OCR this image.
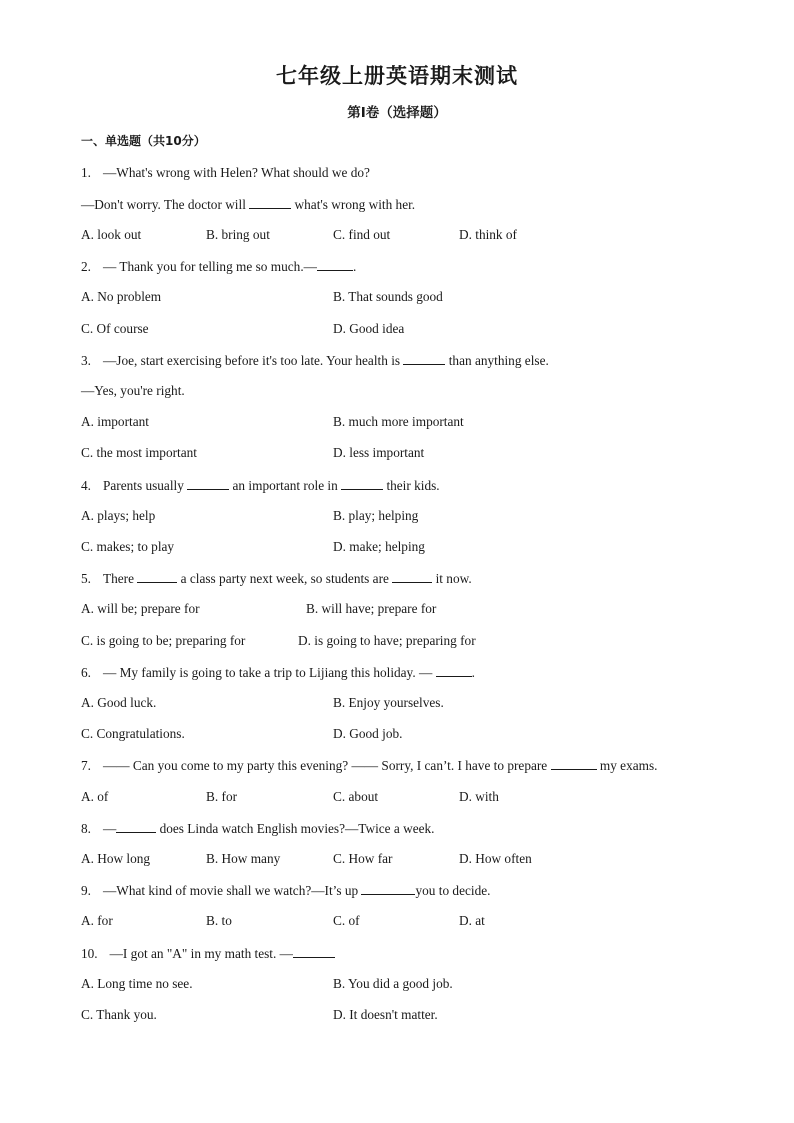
七年级上册英语期末测试
第I卷（选择题）
一、单选题（共10分）
1. —What's wrong with Helen? What should we do?
—Don't worry. The doctor will	what's wrong with her.
A. look out	B. bring out	C. find out	D. think of
2. — Thank you for telling me so much.—	.
A. No problem	B. That sounds good
C. Of course	D. Good idea
3. —Joe, start exercising before it's too late. Your health is	than anything else.
—Yes, you're right.
A. important	B. much more important
C. the most important	D. less important
4. Parents usually	an important role in	their kids.
A. plays; help	B. play; helping
C. makes; to play	D. make; helping
5. There	a class party next week, so students are	it now.
A. will be; prepare for	B. will have; prepare for
C. is going to be; preparing for	D. is going to have; preparing for
6. — My family is going to take a trip to Lijiang this holiday. —	.
A. Good luck.	B. Enjoy yourselves.
C. Congratulations.	D. Good job.
7. —— Can you come to my party this evening? —— Sorry, I can’t. I have to prepare	my exams.
A. of	B. for	C. about	D. with
8. —	does Linda watch English movies?—Twice a week.
A. How long	B. How many	C. How far	D. How often
9. —What kind of movie shall we watch?—It’s up	you to decide.
A. for	B. to	C. of	D. at
10. —I got an "A" in my math test. —
A. Long time no see.	B. You did a good job.
C. Thank you.	D. It doesn't matter.
